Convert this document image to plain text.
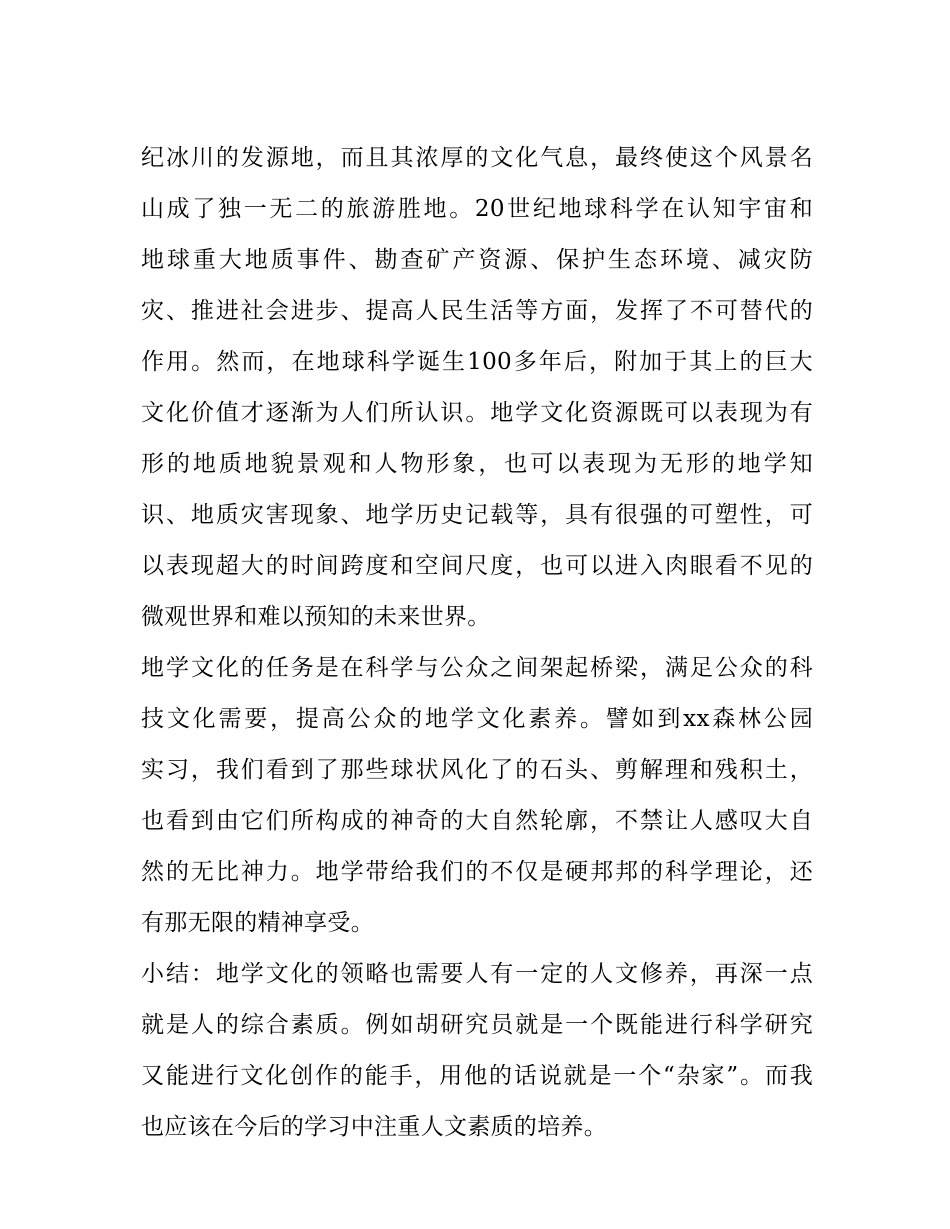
纪冰川的发源地，而且其浓厚的文化气息，最终使这个风景名
山成了独一无二的旅游胜地。20世纪地球科学在认知宇宙和
地球重大地质事件、勘查矿产资源、保护生态环境、减灾防
灾、推进社会进步、提高人民生活等方面，发挥了不可替代的
作用。然而，在地球科学诞生100多年后，附加于其上的巨大
文化价值才逐渐为人们所认识。地学文化资源既可以表现为有
形的地质地貌景观和人物形象，也可以表现为无形的地学知
识、地质灾害现象、地学历史记载等，具有很强的可塑性，可
以表现超大的时间跨度和空间尺度，也可以进入肉眼看不见的
微观世界和难以预知的未来世界。
地学文化的任务是在科学与公众之间架起桥梁，满足公众的科
技文化需要，提高公众的地学文化素养。譬如到xx森林公园
实习，我们看到了那些球状风化了的石头、剪解理和残积土，
也看到由它们所构成的神奇的大自然轮廓，不禁让人感叹大自
然的无比神力。地学带给我们的不仅是硬邦邦的科学理论，还
有那无限的精神享受。
小结：地学文化的领略也需要人有一定的人文修养，再深一点
就是人的综合素质。例如胡研究员就是一个既能进行科学研究
又能进行文化创作的能手，用他的话说就是一个“杂家”。而我
也应该在今后的学习中注重人文素质的培养。
